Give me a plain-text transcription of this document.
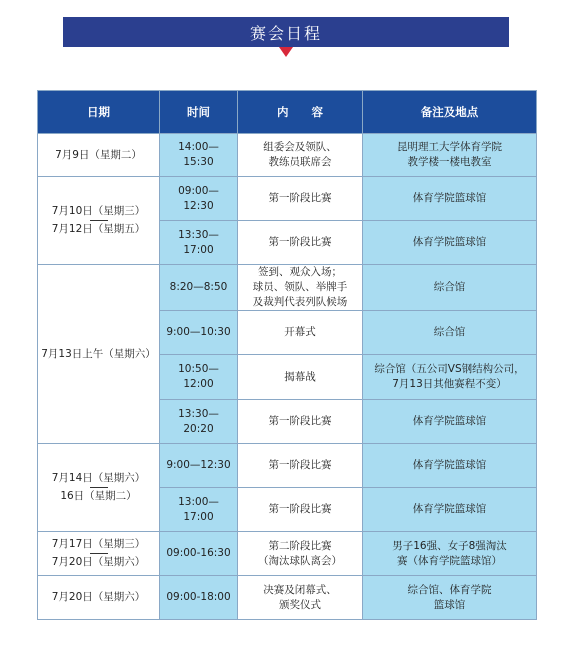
赛会日程
日期	时间	内　　容	备注及地点

7月9日（星期二）	14:00—15:30	组委会及领队、
教练员联席会	昆明理工大学体育学院
教学楼一楼电教室

7月10日（星期三）
7月12日（星期五）	09:00—12:30	第一阶段比赛	体育学院篮球馆

	13:30—17:00	第一阶段比赛	体育学院篮球馆

7月13日上午（星期六）	8:20—8:50	签到、观众入场；
球员、领队、举牌手
及裁判代表列队候场	综合馆

	9:00—10:30	开幕式	综合馆

	10:50—12:00	揭幕战	综合馆（五公司VS钢结构公司，
7月13日其他赛程不变）

	13:30—20:20	第一阶段比赛	体育学院篮球馆

7月14日（星期六）
16日（星期二）	9:00—12:30	第一阶段比赛	体育学院篮球馆

	13:00—17:00	第一阶段比赛	体育学院篮球馆

7月17日（星期三）
7月20日（星期六）	09:00-16:30	第二阶段比赛
（淘汰球队离会）	男子16强、女子8强淘汰
赛（体育学院篮球馆）

7月20日（星期六）	09:00-18:00	决赛及闭幕式、
颁奖仪式	综合馆、体育学院
篮球馆
